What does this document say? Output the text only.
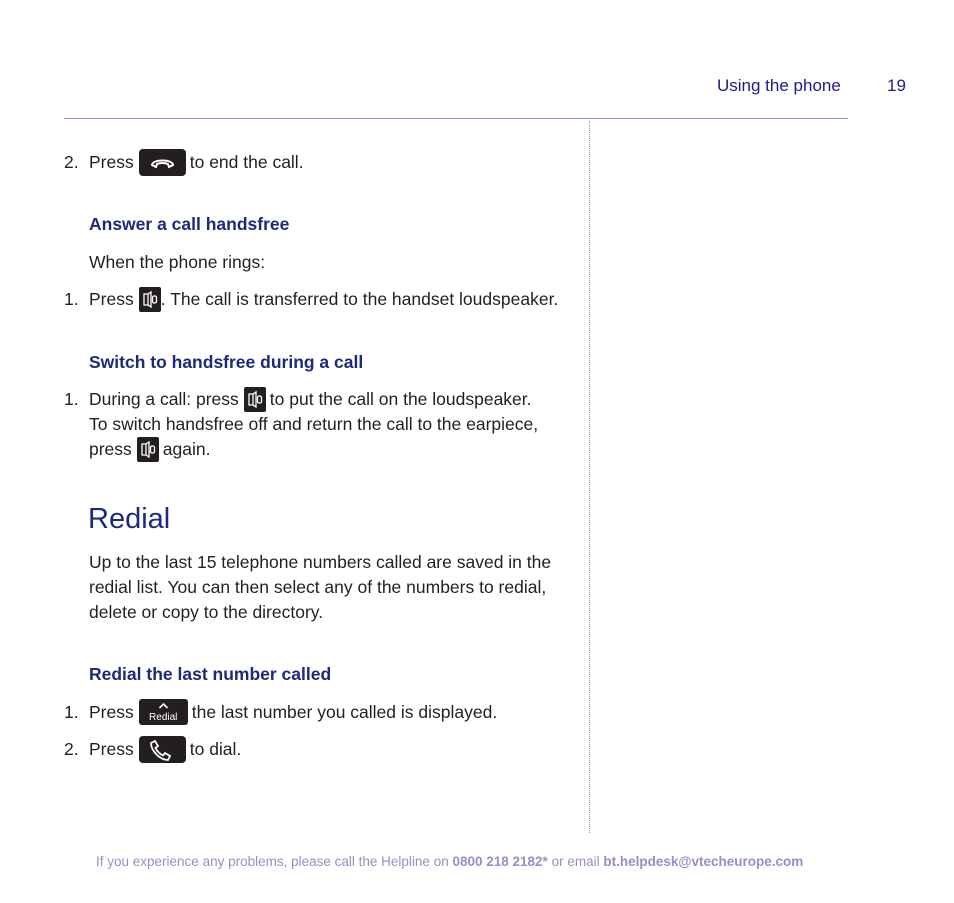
Using the phone	19
2. Press	to end the call.
Answer a call handsfree
When the phone rings:
1. Press . The call is transferred to the handset loudspeaker.
Switch to handsfree during a call
1. During a call: press to put the call on the loudspeaker.
To switch handsfree off and return the call to the earpiece,
press again.
Redial
Up to the last 15 telephone numbers called are saved in the
redial list. You can then select any of the numbers to redial,
delete or copy to the directory.
Redial the last number called
1. Press	Redial the last number you called is displayed.
2. Press	to dial.
If you experience any problems, please call the Helpline on 0800 218 2182* or email bt.helpdesk@vtecheurope.com
